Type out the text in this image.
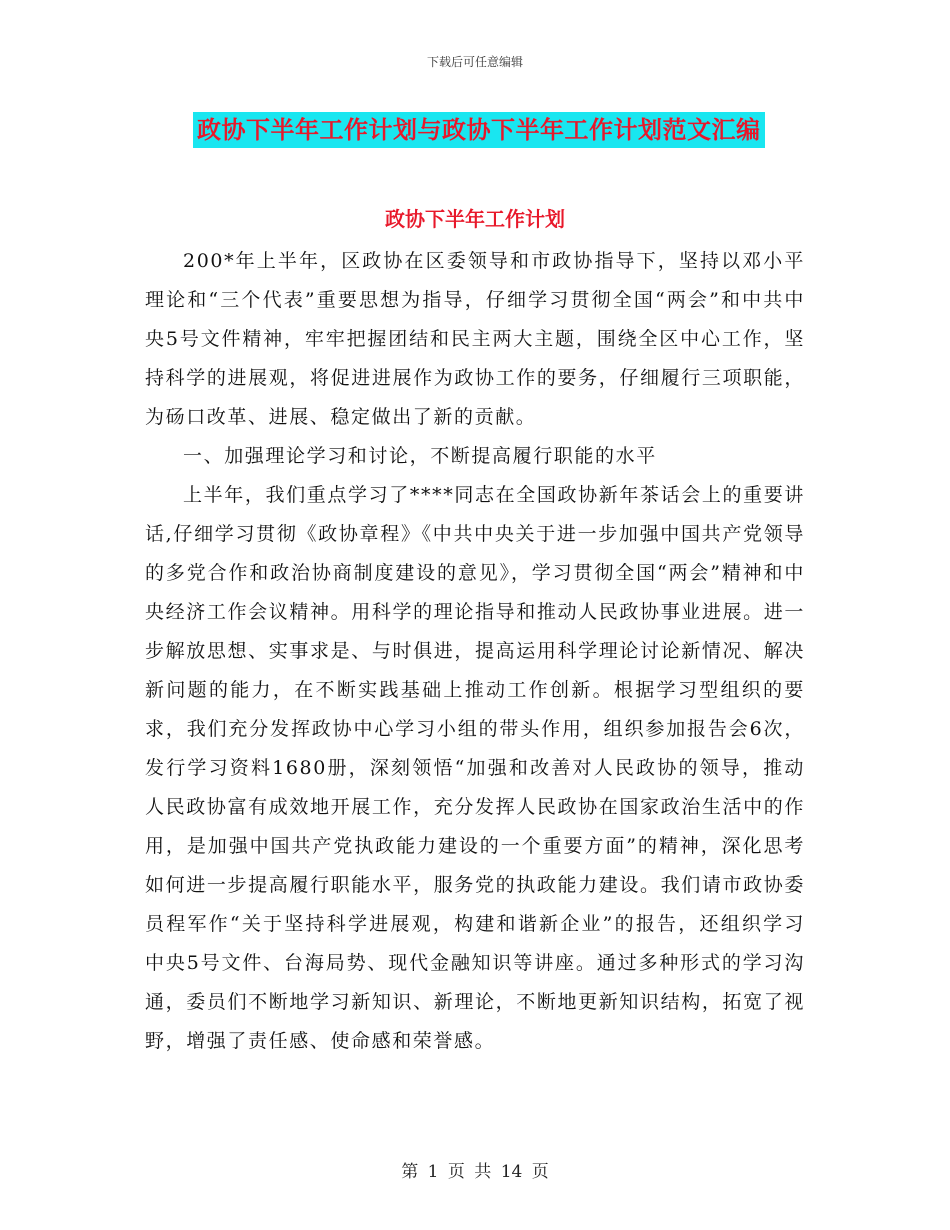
下载后可任意编辑
政协下半年工作计划与政协下半年工作计划范文汇编
政协下半年工作计划

200*年上半年，区政协在区委领导和市政协指导下，坚持以邓小平理论和“三个代表”重要思想为指导，仔细学习贯彻全国“两会”和中共中央5号文件精神，牢牢把握团结和民主两大主题，围绕全区中心工作，坚持科学的进展观，将促进进展作为政协工作的要务，仔细履行三项职能，为砀口改革、进展、稳定做出了新的贡献。

一、加强理论学习和讨论，不断提高履行职能的水平

上半年，我们重点学习了****同志在全国政协新年茶话会上的重要讲话,仔细学习贯彻《政协章程》《中共中央关于进一步加强中国共产党领导的多党合作和政治协商制度建设的意见》，学习贯彻全国“两会”精神和中央经济工作会议精神。用科学的理论指导和推动人民政协事业进展。进一步解放思想、实事求是、与时俱进，提高运用科学理论讨论新情况、解决新问题的能力，在不断实践基础上推动工作创新。根据学习型组织的要求，我们充分发挥政协中心学习小组的带头作用，组织参加报告会6次，发行学习资料1680册，深刻领悟“加强和改善对人民政协的领导，推动人民政协富有成效地开展工作，充分发挥人民政协在国家政治生活中的作用，是加强中国共产党执政能力建设的一个重要方面”的精神，深化思考如何进一步提高履行职能水平，服务党的执政能力建设。我们请市政协委员程军作“关于坚持科学进展观，构建和谐新企业”的报告，还组织学习中央5号文件、台海局势、现代金融知识等讲座。通过多种形式的学习沟通，委员们不断地学习新知识、新理论，不断地更新知识结构，拓宽了视野，增强了责任感、使命感和荣誉感。

第 1 页 共 14 页
